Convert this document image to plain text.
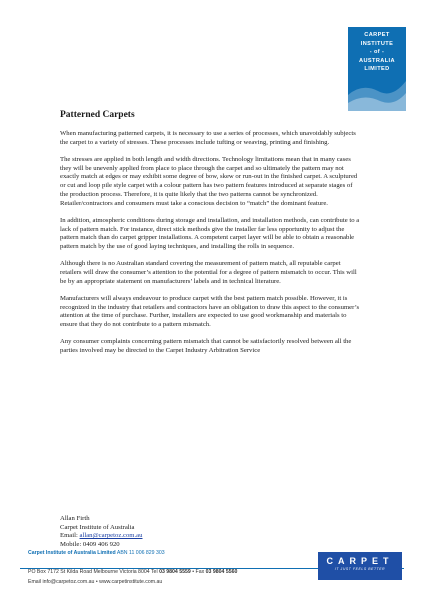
CARPET
INSTITUTE
- of -
AUSTRALIA
LIMITED
Patterned Carpets

When manufacturing patterned carpets, it is necessary to use a series of processes, which unavoidably subjects the carpet to a variety of stresses. These processes include tufting or weaving, printing and finishing.

The stresses are applied in both length and width directions. Technology limitations mean that in many cases they will be unevenly applied from place to place through the carpet and so ultimately the pattern may not exactly match at edges or may exhibit some degree of bow, skew or run-out in the finished carpet. A sculptured or cut and loop pile style carpet with a colour pattern has two pattern features introduced at separate stages of the production process. Therefore, it is quite likely that the two patterns cannot be synchronized. Retailer/contractors and consumers must take a conscious decision to “match” the dominant feature.

In addition, atmospheric conditions during storage and installation, and installation methods, can contribute to a lack of pattern match. For instance, direct stick methods give the installer far less opportunity to adjust the pattern match than do carpet gripper installations. A competent carpet layer will be able to obtain a reasonable pattern match by the use of good laying techniques, and installing the rolls in sequence.

Although there is no Australian standard covering the measurement of pattern match, all reputable carpet retailers will draw the consumer’s attention to the potential for a degree of pattern mismatch to occur. This will be by an appropriate statement on manufacturers’ labels and in technical literature.

Manufacturers will always endeavour to produce carpet with the best pattern match possible. However, it is recognized in the industry that retailers and contractors have an obligation to draw this aspect to the consumer’s attention at the time of purchase. Further, installers are expected to use good workmanship and materials to ensure that they do not contribute to a pattern mismatch.

Any consumer complaints concerning pattern mismatch that cannot be satisfactorily resolved between all the parties involved may be directed to the Carpet Industry Arbitration Service

Allan Firth
Carpet Institute of Australia
Email: allan@carpetoz.com.au
Mobile: 0409 406 920
Carpet Institute of Australia Limited ABN 11 006 829 303
PO Box 7172 St Kilda Road Melbourne Victoria 8004 Tel 03 9804 5559 • Fax 03 9804 5560
Email info@carpetoz.com.au • www.carpetinstitute.com.au
CARPET
IT JUST FEELS BETTER
